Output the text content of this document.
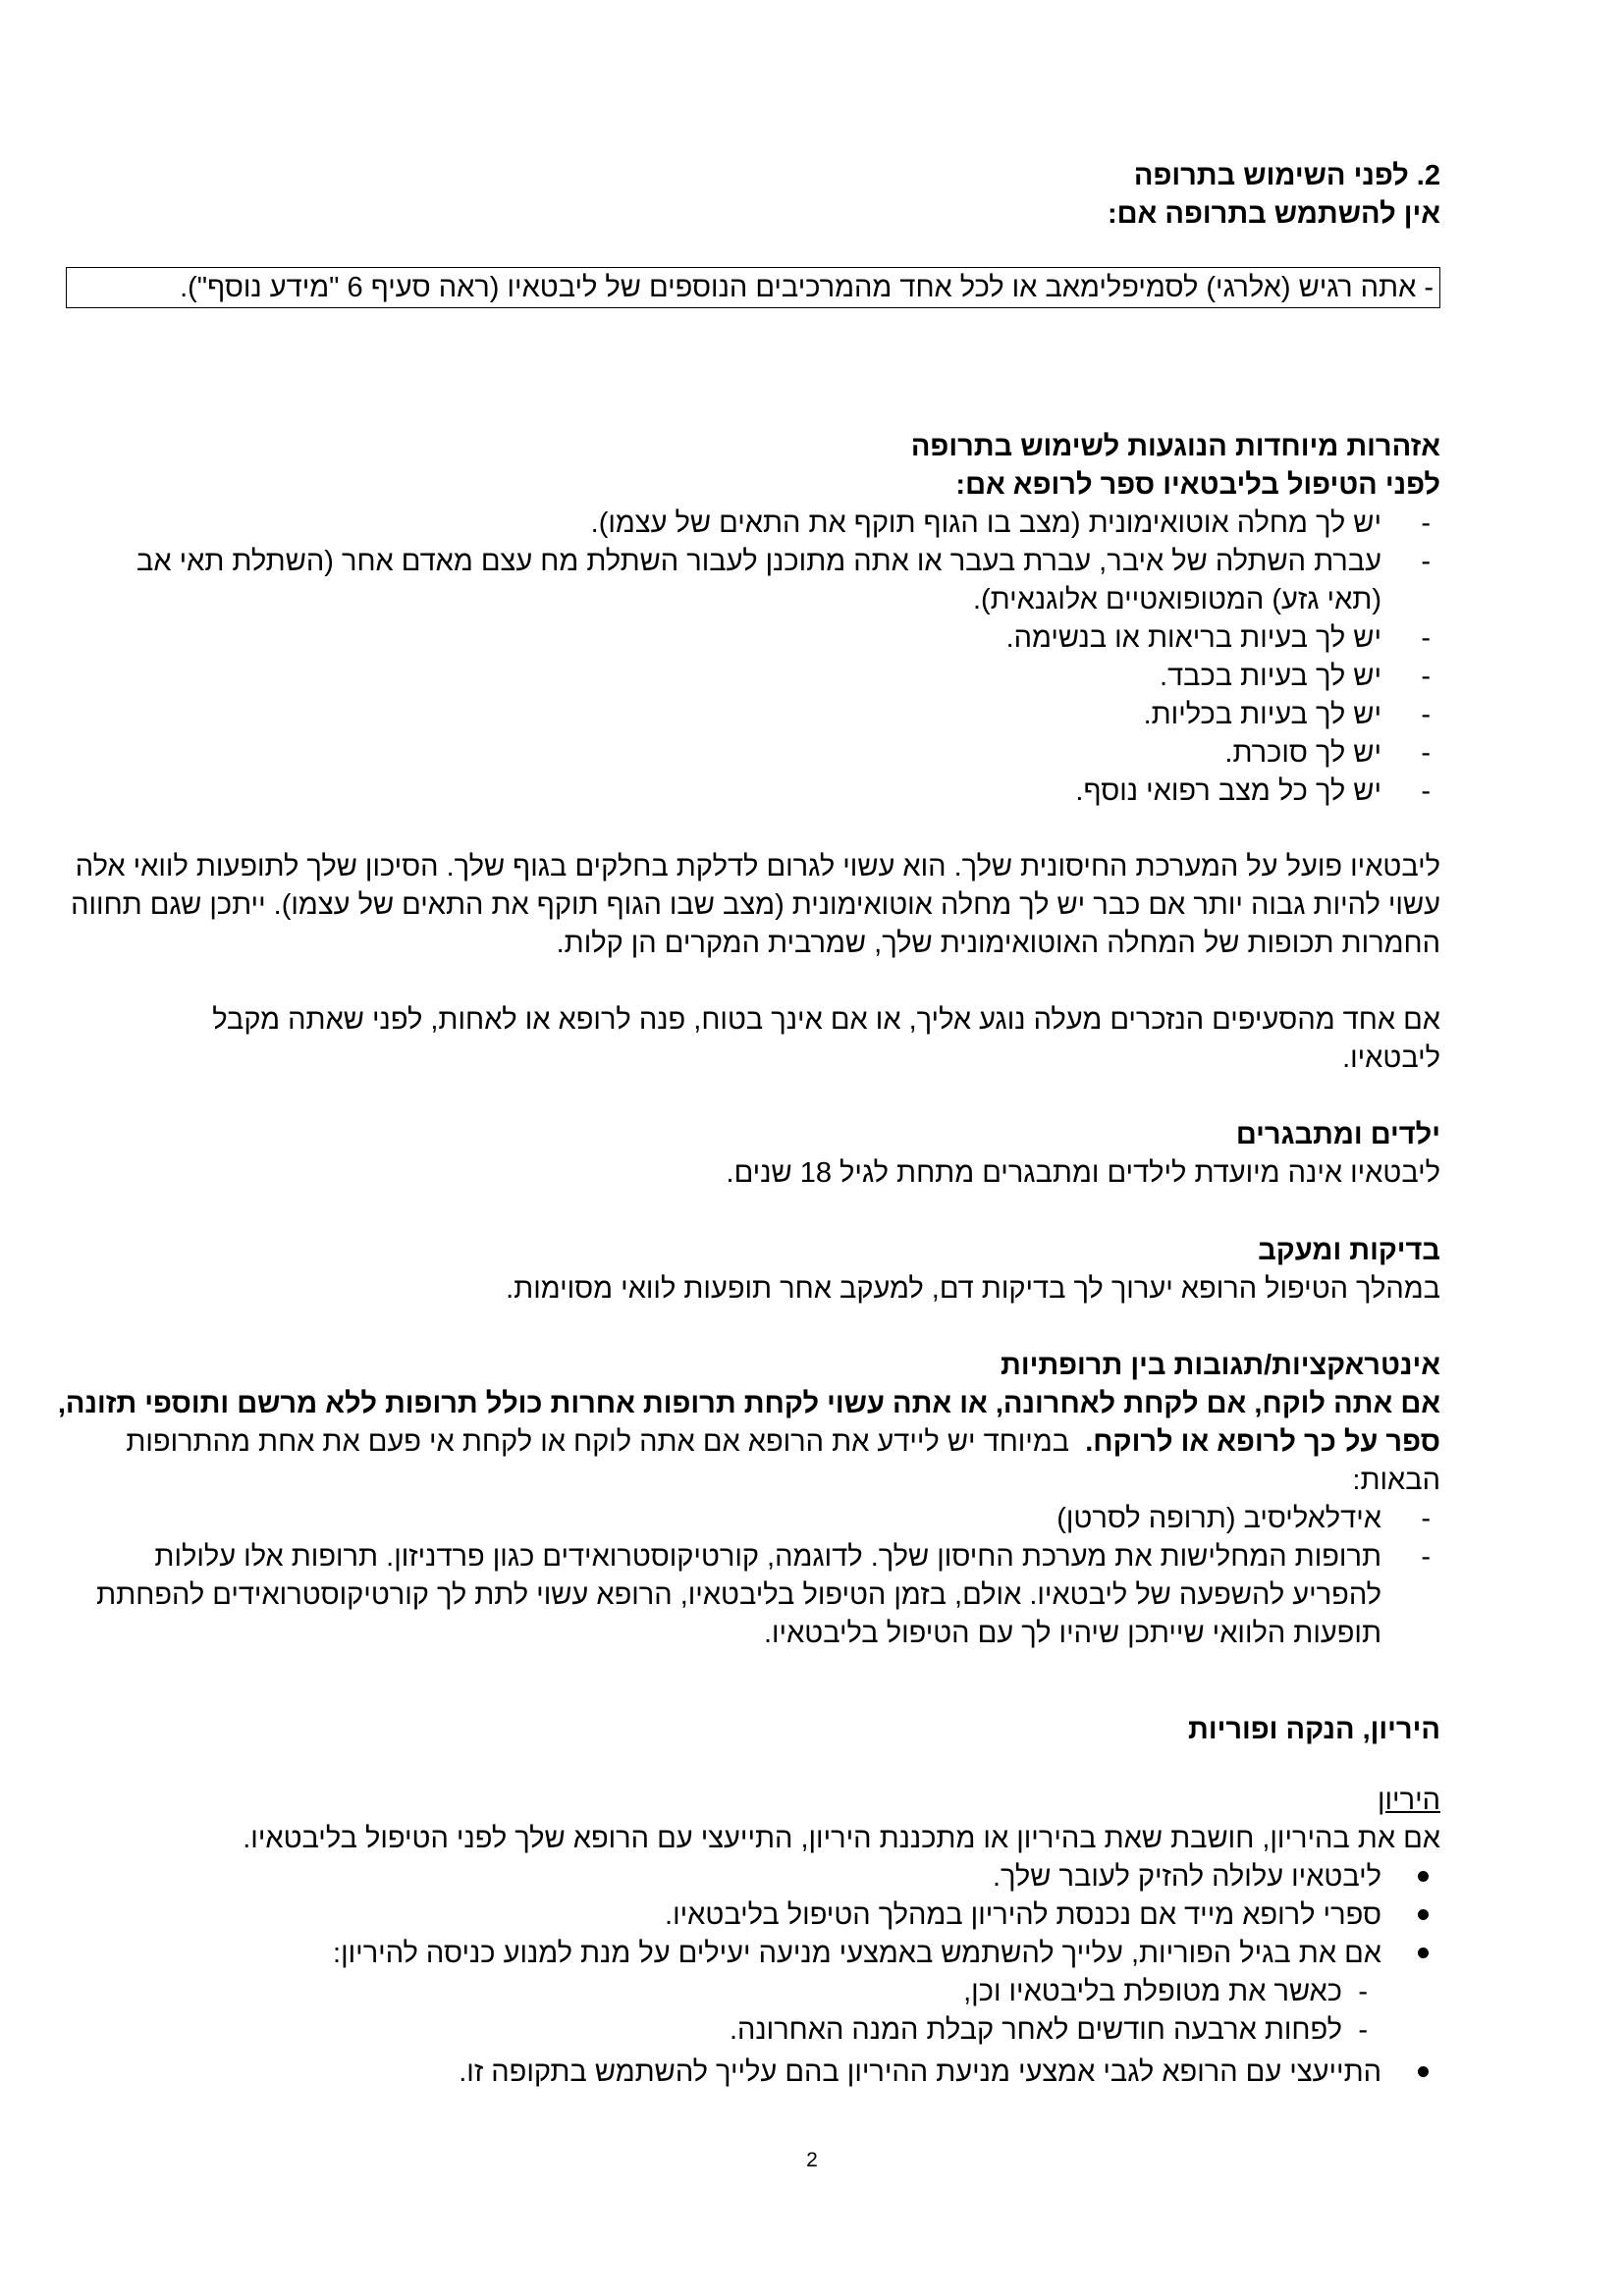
2. לפני השימוש בתרופה
אין להשתמש בתרופה אם:

- אתה רגיש (אלרגי) לסמיפלימאב או לכל אחד מהמרכיבים הנוספים של ליבטאיו (ראה סעיף 6 "מידע נוסף").

אזהרות מיוחדות הנוגעות לשימוש בתרופה
לפני הטיפול בליבטאיו ספר לרופא אם:
- יש לך מחלה אוטואימונית (מצב בו הגוף תוקף את התאים של עצמו).
- עברת השתלה של איבר, עברת בעבר או אתה מתוכנן לעבור השתלת מח עצם מאדם אחר (השתלת תאי אב (תאי גזע) המטופואטיים אלוגנאית).
- יש לך בעיות בריאות או בנשימה.
- יש לך בעיות בכבד.
- יש לך בעיות בכליות.
- יש לך סוכרת.
- יש לך כל מצב רפואי נוסף.

ליבטאיו פועל על המערכת החיסונית שלך. הוא עשוי לגרום לדלקת בחלקים בגוף שלך. הסיכון שלך לתופעות לוואי אלה עשוי להיות גבוה יותר אם כבר יש לך מחלה אוטואימונית (מצב שבו הגוף תוקף את התאים של עצמו). ייתכן שגם תחווה החמרות תכופות של המחלה האוטואימונית שלך, שמרבית המקרים הן קלות.

אם אחד מהסעיפים הנזכרים מעלה נוגע אליך, או אם אינך בטוח, פנה לרופא או לאחות, לפני שאתה מקבל ליבטאיו.

ילדים ומתבגרים
ליבטאיו אינה מיועדת לילדים ומתבגרים מתחת לגיל 18 שנים.
בדיקות ומעקב
במהלך הטיפול הרופא יערוך לך בדיקות דם, למעקב אחר תופעות לוואי מסוימות.
אינטראקציות/תגובות בין תרופתיות

אם אתה לוקח, אם לקחת לאחרונה, או אתה עשוי לקחת תרופות אחרות כולל תרופות ללא מרשם ותוספי תזונה, ספר על כך לרופא או לרוקח.  במיוחד יש ליידע את הרופא אם אתה לוקח או לקחת אי פעם את אחת מהתרופות הבאות:

- אידלאליסיב (תרופה לסרטן)
- תרופות המחלישות את מערכת החיסון שלך. לדוגמה, קורטיקוסטרואידים כגון פרדניזון. תרופות אלו עלולות להפריע להשפעה של ליבטאיו. אולם, בזמן הטיפול בליבטאיו, הרופא עשוי לתת לך קורטיקוסטרואידים להפחתת תופעות הלוואי שייתכן שיהיו לך עם הטיפול בליבטאיו.
היריון, הנקה ופוריות
היריון
אם את בהיריון, חושבת שאת בהיריון או מתכננת היריון, התייעצי עם הרופא שלך לפני הטיפול בליבטאיו.
ליבטאיו עלולה להזיק לעובר שלך.
ספרי לרופא מייד אם נכנסת להיריון במהלך הטיפול בליבטאיו.
אם את בגיל הפוריות, עלייך להשתמש באמצעי מניעה יעילים על מנת למנוע כניסה להיריון:
- כאשר את מטופלת בליבטאיו וכן,
- לפחות ארבעה חודשים לאחר קבלת המנה האחרונה.
התייעצי עם הרופא לגבי אמצעי מניעת ההיריון בהם עלייך להשתמש בתקופה זו.
2
